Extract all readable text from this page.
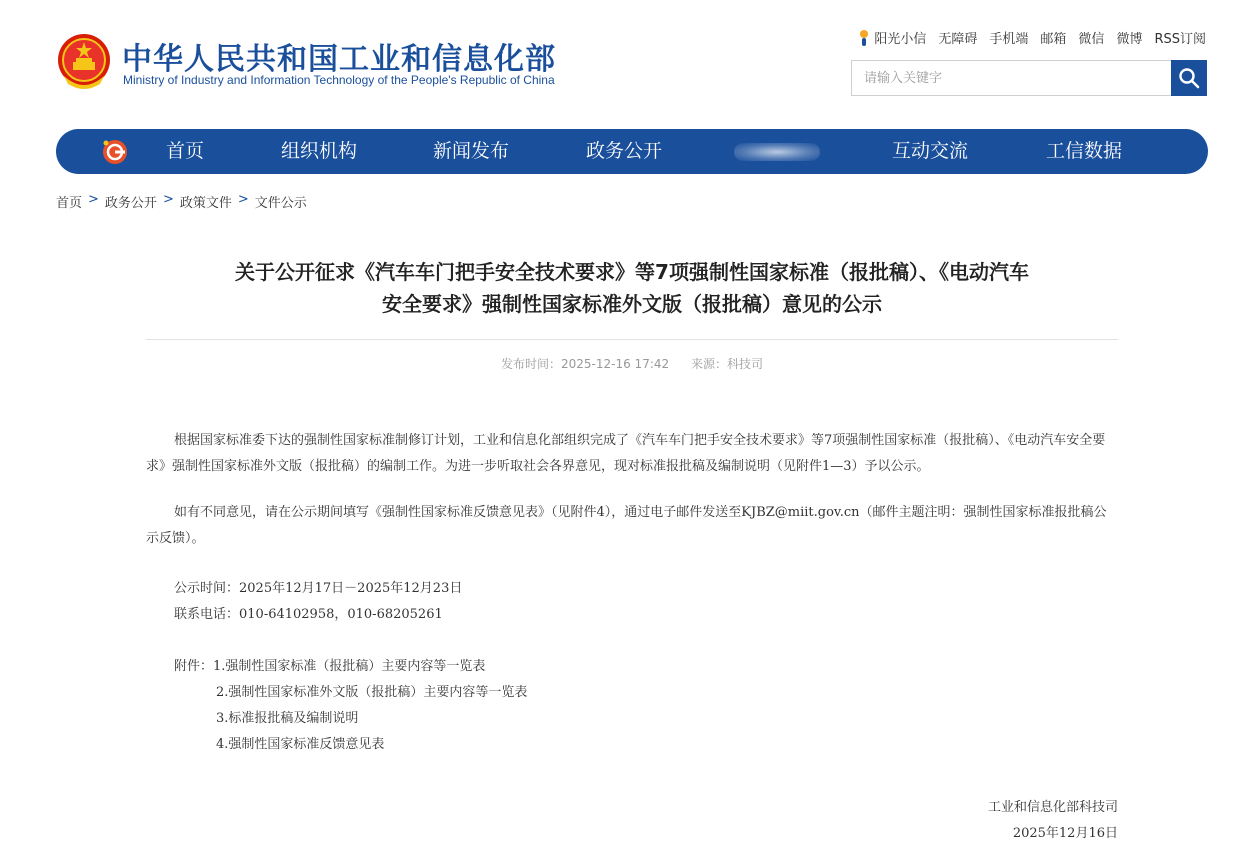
中华人民共和国工业和信息化部
Ministry of Industry and Information Technology of the People's Republic of China
阳光小信 无障碍 手机端 邮箱 微信 微博 RSS订阅
请输入关键字
首页	组织机构	新闻发布	政务公开	互动交流	工信数据
首页 > 政务公开 > 政策文件 > 文件公示
关于公开征求《汽车车门把手安全技术要求》等7项强制性国家标准（报批稿）、《电动汽车
安全要求》强制性国家标准外文版（报批稿）意见的公示
发布时间：2025-12-16 17:42 来源：科技司

根据国家标准委下达的强制性国家标准制修订计划，工业和信息化部组织完成了《汽车车门把手安全技术要求》等7项强制性国家标准（报批稿）、《电动汽车安全要求》强制性国家标准外文版（报批稿）的编制工作。为进一步听取社会各界意见，现对标准报批稿及编制说明（见附件1—3）予以公示。

如有不同意见，请在公示期间填写《强制性国家标准反馈意见表》（见附件4），通过电子邮件发送至KJBZ@miit.gov.cn（邮件主题注明：强制性国家标准报批稿公示反馈）。

公示时间：2025年12月17日－2025年12月23日
联系电话：010-64102958，010-68205261
附件：1.强制性国家标准（报批稿）主要内容等一览表
2.强制性国家标准外文版（报批稿）主要内容等一览表
3.标准报批稿及编制说明
4.强制性国家标准反馈意见表
工业和信息化部科技司
2025年12月16日
